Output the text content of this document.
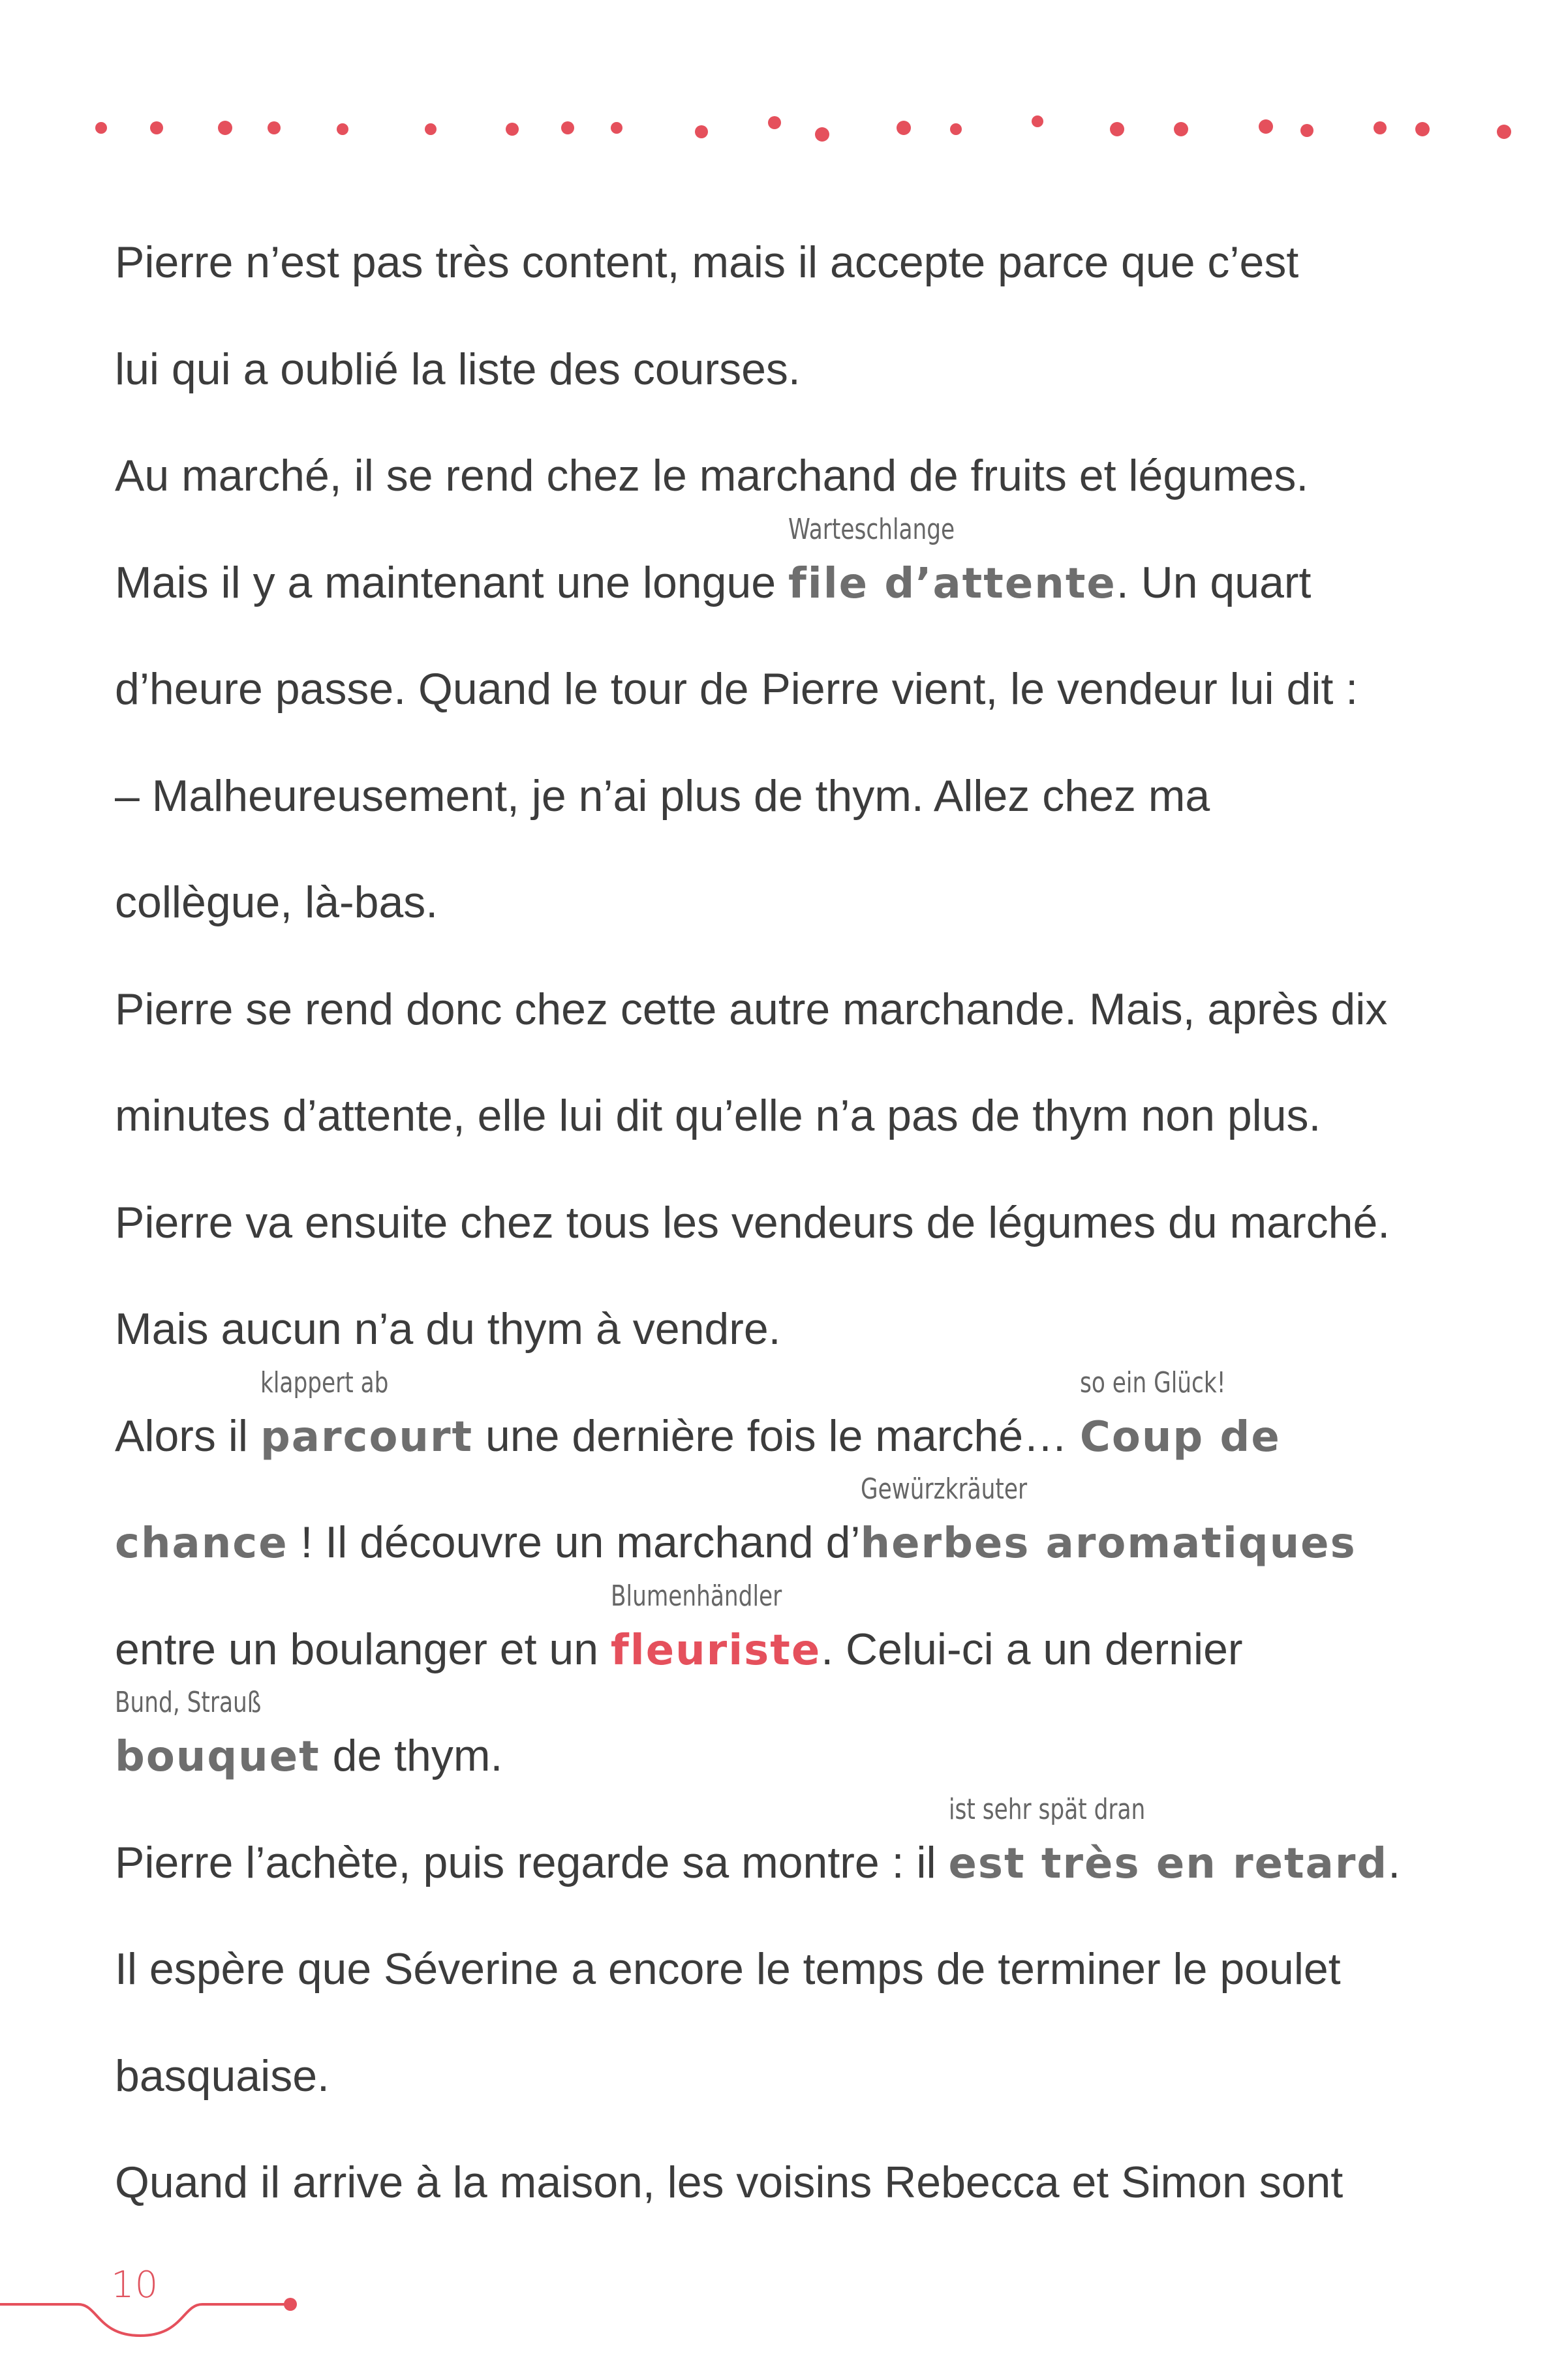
Pierre n’est pas très content, mais il accepte parce que c’est
lui qui a oublié la liste des courses.
Au marché, il se rend chez le marchand de fruits et légumes.
Mais il y a maintenant une longue file d’attente
Warteschlange
. Un quart
d’heure passe. Quand le tour de Pierre vient, le vendeur lui dit :
– Malheureusement, je n’ai plus de thym. Allez chez ma
collègue, là-bas.
Pierre se rend donc chez cette autre marchande. Mais, après dix
minutes d’attente, elle lui dit qu’elle n’a pas de thym non plus.
Pierre va ensuite chez tous les vendeurs de légumes du marché.
Mais aucun n’a du thym à vendre.
Alors il parcourt
klappert ab
une dernière fois le marché… Coup de
so ein Glück!
chance ! Il découvre un marchand d’herbes aromatiques
Gewürzkräuter
entre un boulanger et un fleuriste
Blumenhändler
. Celui-ci a un dernier
bouquet
Bund, Strauß
de thym.
Pierre l’achète, puis regarde sa montre : il est très en retard
ist sehr spät dran
.
Il espère que Séverine a encore le temps de terminer le poulet
basquaise.
Quand il arrive à la maison, les voisins Rebecca et Simon sont
10
